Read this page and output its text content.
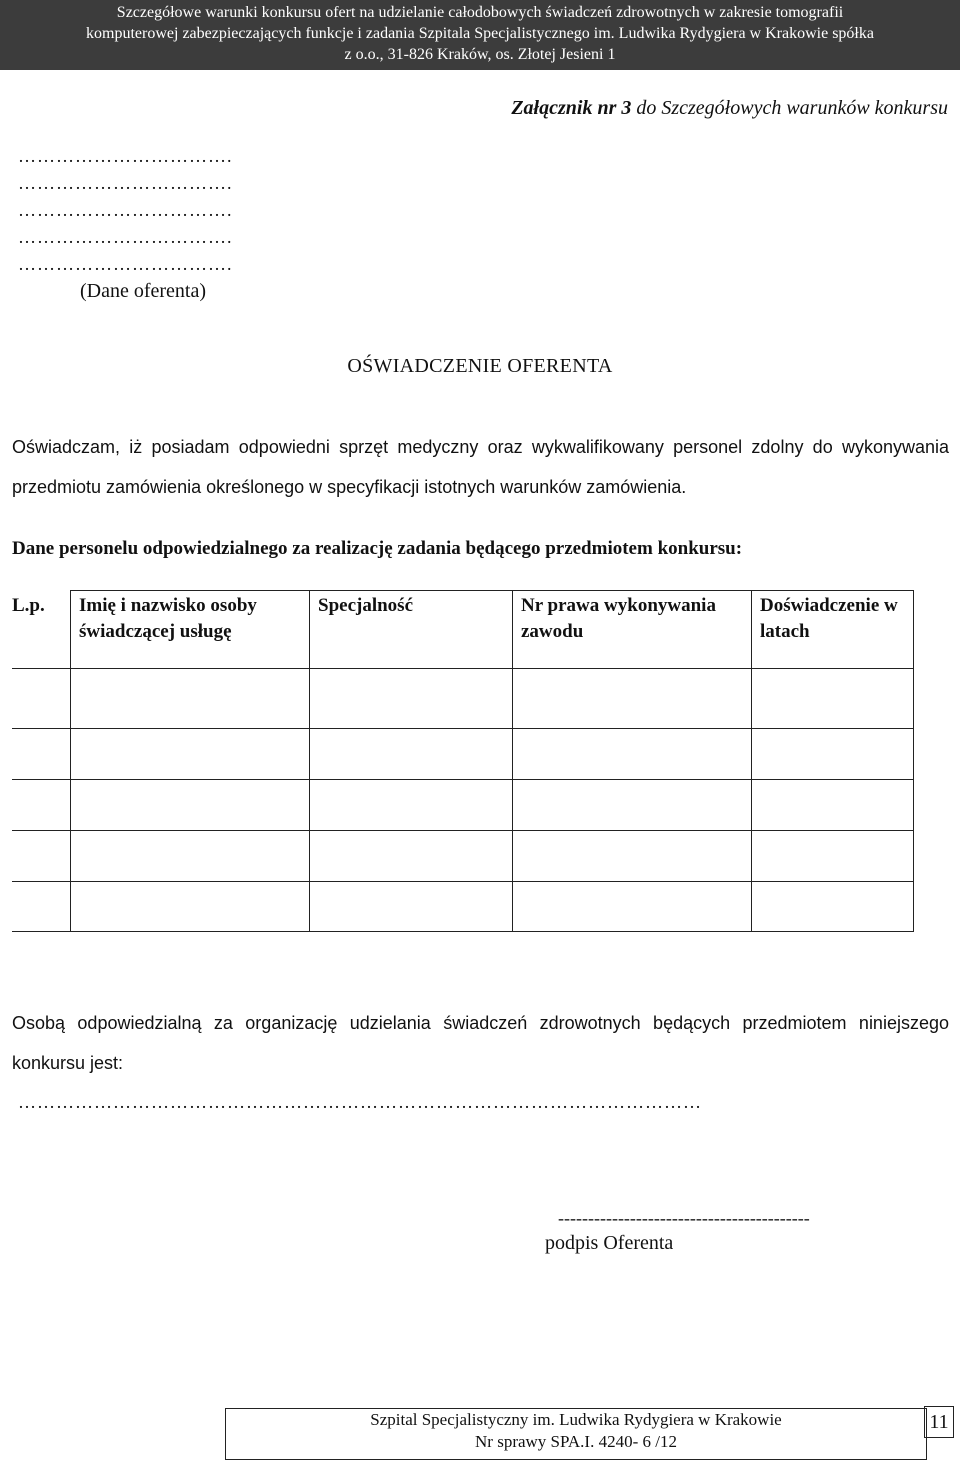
Szczegółowe warunki konkursu ofert na udzielanie całodobowych świadczeń zdrowotnych w zakresie tomografii
komputerowej zabezpieczających funkcje i zadania Szpitala Specjalistycznego im. Ludwika Rydygiera w Krakowie spółka
z o.o., 31-826 Kraków, os. Złotej Jesieni 1
Załącznik nr 3 do Szczegółowych warunków konkursu
…………………………….
…………………………….
…………………………….
…………………………….
…………………………….
(Dane oferenta)
OŚWIADCZENIE OFERENTA
Oświadczam, iż posiadam odpowiedni sprzęt medyczny oraz wykwalifikowany personel zdolny do wykonywania przedmiotu zamówienia określonego w specyfikacji istotnych warunków zamówienia.
Dane personelu odpowiedzialnego za realizację zadania będącego przedmiotem konkursu:
L.p.	Imię i nazwisko osoby świadczącej usługę	Specjalność	Nr prawa wykonywania zawodu	Doświadczenie w latach

Osobą odpowiedzialną za organizację udzielania świadczeń zdrowotnych będących przedmiotem niniejszego konkursu jest:
………………………………………………………………………………………………
------------------------------------------
podpis Oferenta
Szpital Specjalistyczny im. Ludwika Rydygiera w Krakowie
Nr sprawy SPA.I. 4240- 6 /12
11
